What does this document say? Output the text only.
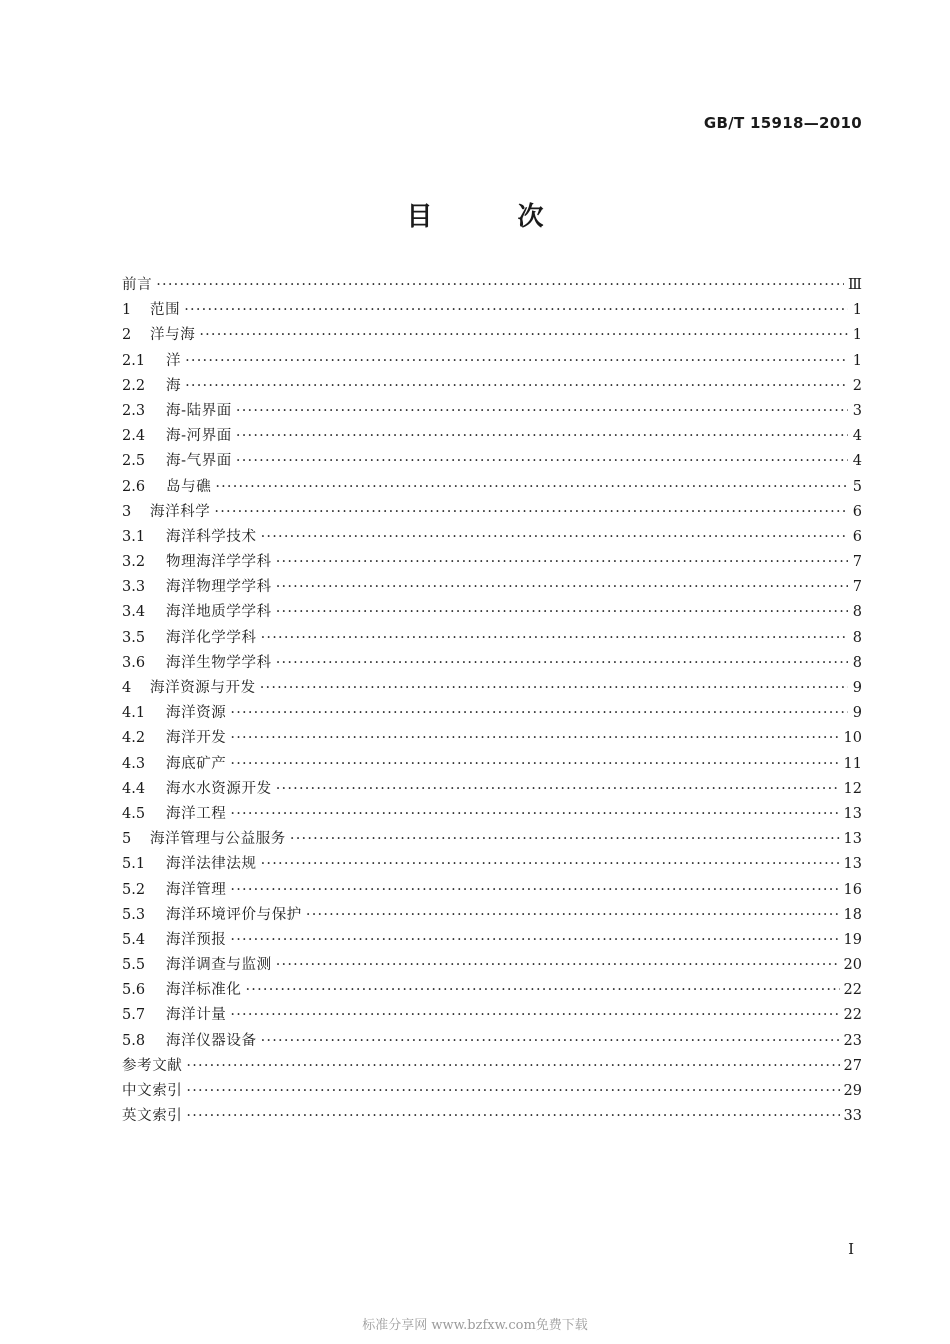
GB/T 15918—2010
目 次
前言 ·····	Ⅲ
1	范围 ·····	1
2	洋与海 ·····	1
2.1	洋 ·····	1
2.2	海 ·····	2
2.3	海-陆界面 ·····	3
2.4	海-河界面 ·····	4
2.5	海-气界面 ·····	4
2.6	岛与礁 ·····	5
3	海洋科学 ·····	6
3.1	海洋科学技术 ·····	6
3.2	物理海洋学学科 ·····	7
3.3	海洋物理学学科 ·····	7
3.4	海洋地质学学科 ·····	8
3.5	海洋化学学科 ·····	8
3.6	海洋生物学学科 ·····	8
4	海洋资源与开发 ·····	9
4.1	海洋资源 ·····	9
4.2	海洋开发 ·····	10
4.3	海底矿产 ·····	11
4.4	海水水资源开发 ·····	12
4.5	海洋工程 ·····	13
5	海洋管理与公益服务 ·····	13
5.1	海洋法律法规 ·····	13
5.2	海洋管理 ·····	16
5.3	海洋环境评价与保护 ·····	18
5.4	海洋预报 ·····	19
5.5	海洋调查与监测 ·····	20
5.6	海洋标准化 ·····	22
5.7	海洋计量 ·····	22
5.8	海洋仪器设备 ·····	23
参考文献 ·····	27
中文索引 ·····	29
英文索引 ·····	33
I
标准分享网 www.bzfxw.com免费下载
